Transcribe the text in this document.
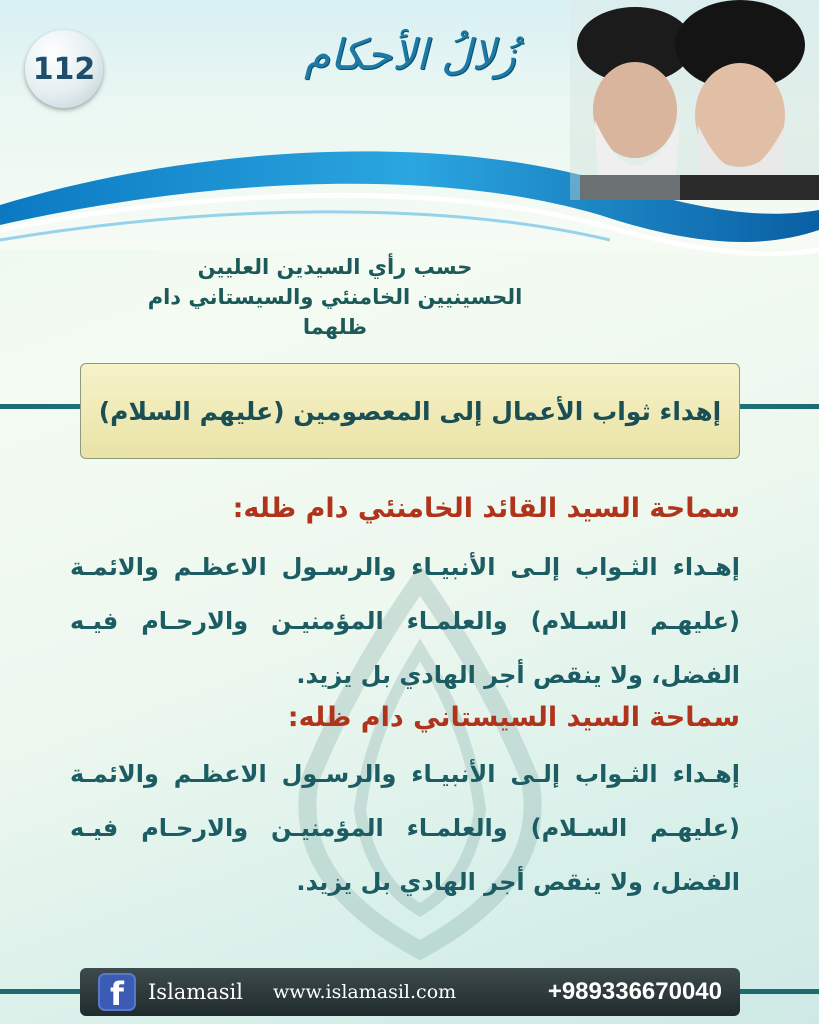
112	زُلالُ الأحكام
حسب رأي السيدين العليين
الحسينيين الخامنئي والسيستاني دام ظلهما
إهداء ثواب الأعمال إلى المعصومين (عليهم السلام)
سماحة السيد القائد الخامنئي دام ظله:
إهـداء الثـواب إلـى الأنبيـاء والرسـول الاعظـم والائمـة (عليهـم السـلام) والعلمـاء المؤمنيـن والارحـام فيـه الفضل، ولا ينقص أجر الهادي بل يزيد.
سماحة السيد السيستاني دام ظله:
إهـداء الثـواب إلـى الأنبيـاء والرسـول الاعظـم والائمـة (عليهـم السـلام) والعلمـاء المؤمنيـن والارحـام فيـه الفضل، ولا ينقص أجر الهادي بل يزيد.
f	Islamasil www.islamasil.com	+989336670040
